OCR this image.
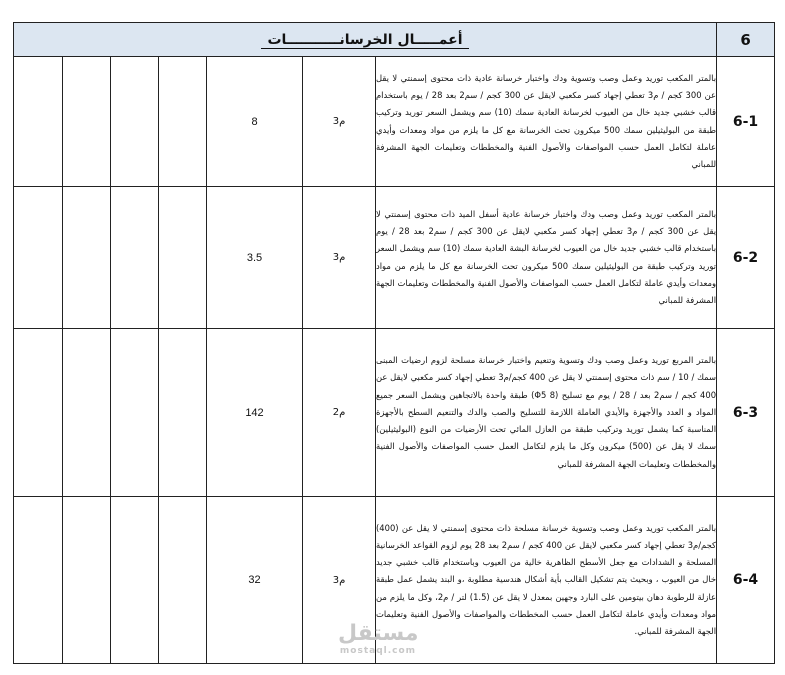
أعمـــــال الخرسانـــــــــــات							6
				8	م3	بالمتر المكعب توريد وعمل وصب وتسوية ودك واختبار خرسانة عادية ذات محتوى إسمنتي لا يقل عن 300 كجم / م3 تعطي إجهاد كسر مكعبي لايقل عن 300 كجم / سم2 بعد 28 / يوم باستخدام قالب خشبي جديد خال من العيوب لخرسانة العادية سمك (10) سم ويشمل السعر توريد وتركيب طبقة من البوليثيلين سمك 500 ميكرون تحت الخرسانة مع كل ما يلزم من مواد ومعدات وأيدي عاملة لتكامل العمل حسب المواصفات والأصول الفنية والمخططات وتعليمات الجهة المشرفة للمباني	6-1
				3.5	م3	بالمتر المكعب توريد وعمل وصب ودك واختبار خرسانة عادية أسفل الميد ذات محتوى إسمنتي لا يقل عن 300 كجم / م3 تعطي إجهاد كسر مكعبي لايقل عن 300 كجم / سم2 بعد 28 / يوم باستخدام قالب خشبي جديد خال من العيوب لخرسانة البشة العادية سمك (10) سم ويشمل السعر توريد وتركيب طبقة من البوليثيلين سمك 500 ميكرون تحت الخرسانة مع كل ما يلزم من مواد ومعدات وأيدي عاملة لتكامل العمل حسب المواصفات والأصول الفنية والمخططات وتعليمات الجهة المشرفة للمباني	6-2
				142	م2	بالمتر المربع توريد وعمل وصب ودك وتسوية وتنعيم واختبار خرسانة مسلحة لزوم ارضيات المبنى سمك / 10 / سم ذات محتوى إسمنتي لا يقل عن 400 كجم/م3 تعطي إجهاد كسر مكعبي لايقل عن 400 كجم / سم2 بعد / 28 / يوم مع تسليح (Φ5 8) طبقة واحدة بالاتجاهين ويشمل السعر جميع المواد و العدد والأجهزة والأيدي العاملة اللازمة للتسليح والصب والدك والتنعيم السطح بالأجهزة المناسبة كما يشمل توريد وتركيب طبقة من العازل المائي تحت الأرضيات من النوع (البوليثيلين) سمك لا يقل عن (500) ميكرون وكل ما يلزم لتكامل العمل حسب المواصفات والأصول الفنية والمخططات وتعليمات الجهة المشرفة للمباني	6-3
				32	م3	بالمتر المكعب توريد وعمل وصب وتسوية خرسانة مسلحة ذات محتوى إسمنتي لا يقل عن (400) كجم/م3 تعطي إجهاد كسر مكعبي لايقل عن 400 كجم / سم2 بعد 28 يوم لزوم القواعد الخرسانية المسلحة و الشدادات مع جعل الأسطح الظاهرية خالية من العيوب وباستخدام قالب خشبي جديد خال من العيوب ، وبحيث يتم تشكيل القالب بأية أشكال هندسية مطلوبة ،و البند يشمل عمل طبقة عازلة للرطوبة دهان بيتومين على البارد وجهين بمعدل لا يقل عن (1.5) لتر / م2، وكل ما يلزم من مواد ومعدات وأيدي عاملة لتكامل العمل حسب المخططات والمواصفات والأصول الفنية وتعليمات الجهة المشرفة للمباني.	6-4
مستقل
mostaql.com
